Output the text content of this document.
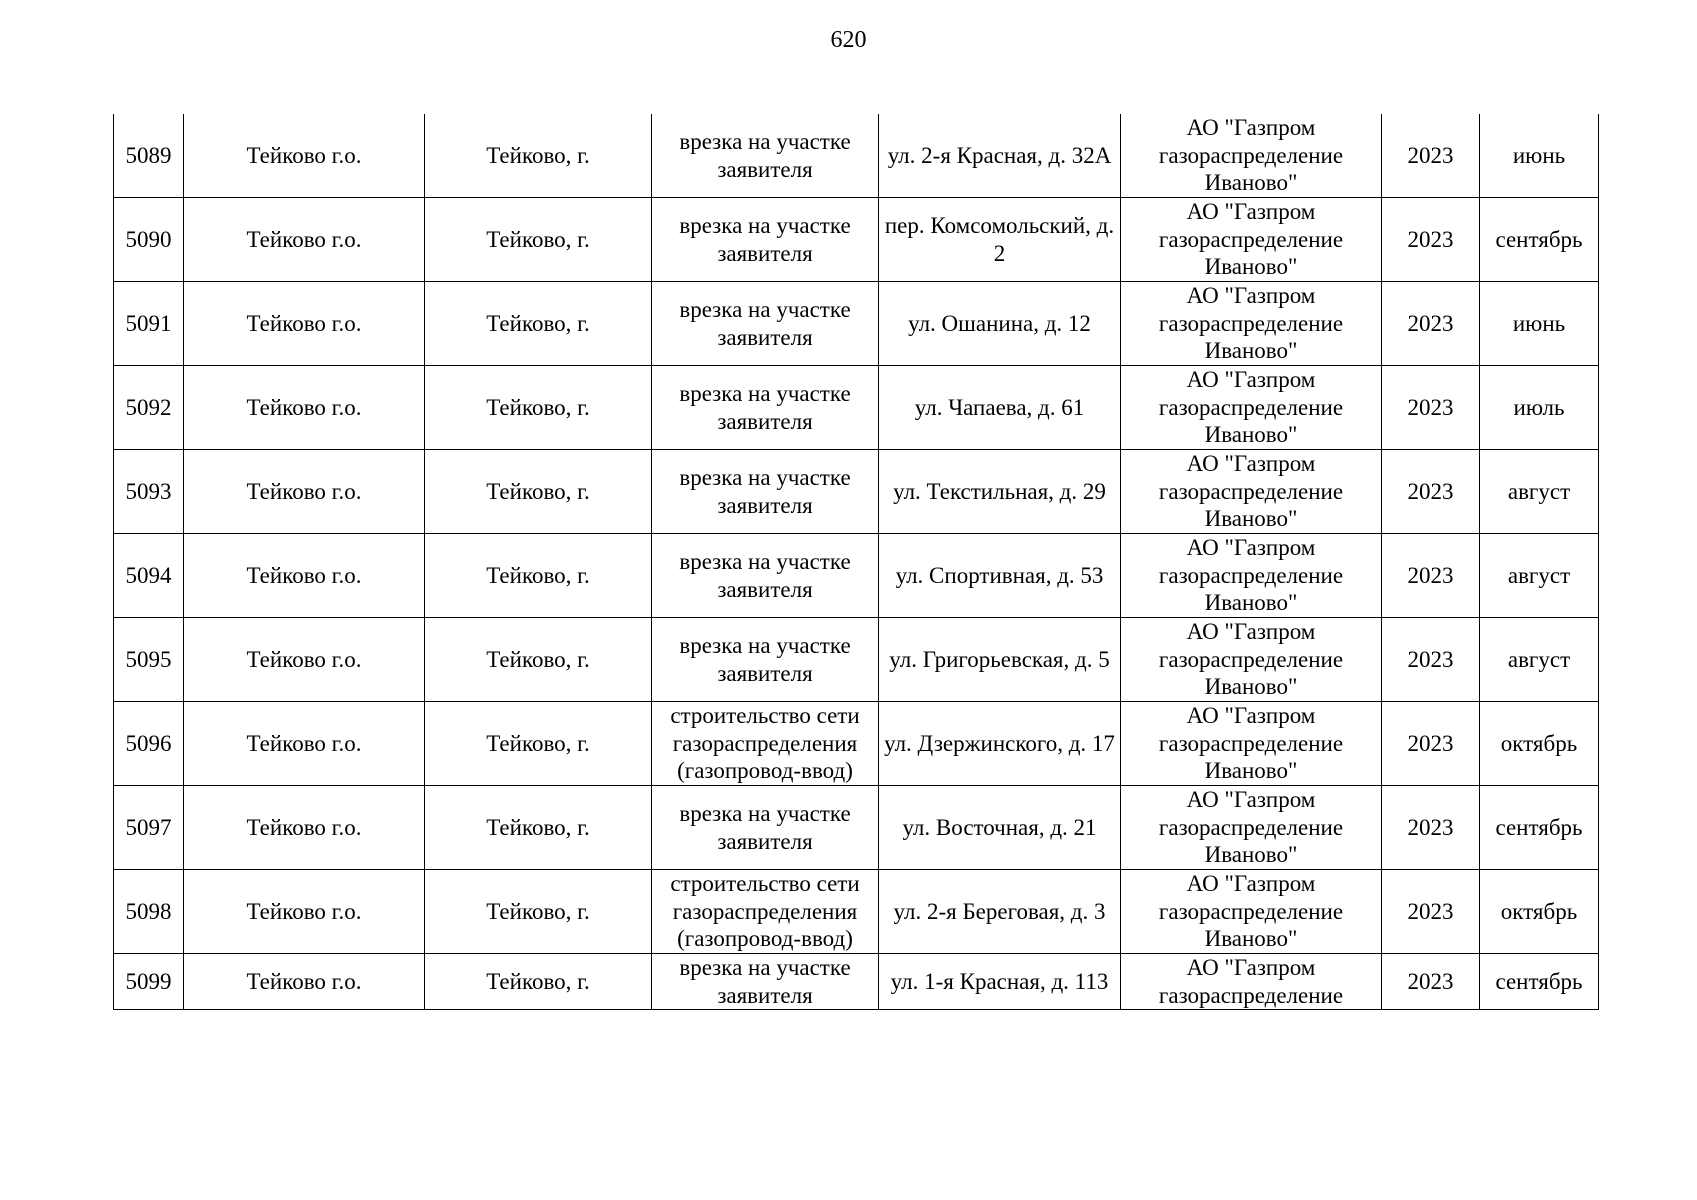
620
5089	Тейково г.о.	Тейково, г.	врезка на участке заявителя	ул. 2-я Красная, д. 32А	АО "Газпром газораспределение Иваново"	2023	июнь
5090	Тейково г.о.	Тейково, г.	врезка на участке заявителя	пер. Комсомольский, д. 2	АО "Газпром газораспределение Иваново"	2023	сентябрь
5091	Тейково г.о.	Тейково, г.	врезка на участке заявителя	ул. Ошанина, д. 12	АО "Газпром газораспределение Иваново"	2023	июнь
5092	Тейково г.о.	Тейково, г.	врезка на участке заявителя	ул. Чапаева, д. 61	АО "Газпром газораспределение Иваново"	2023	июль
5093	Тейково г.о.	Тейково, г.	врезка на участке заявителя	ул. Текстильная, д. 29	АО "Газпром газораспределение Иваново"	2023	август
5094	Тейково г.о.	Тейково, г.	врезка на участке заявителя	ул. Спортивная, д. 53	АО "Газпром газораспределение Иваново"	2023	август
5095	Тейково г.о.	Тейково, г.	врезка на участке заявителя	ул. Григорьевская, д. 5	АО "Газпром газораспределение Иваново"	2023	август
5096	Тейково г.о.	Тейково, г.	строительство сети газораспределения (газопровод-ввод)	ул. Дзержинского, д. 17	АО "Газпром газораспределение Иваново"	2023	октябрь
5097	Тейково г.о.	Тейково, г.	врезка на участке заявителя	ул. Восточная, д. 21	АО "Газпром газораспределение Иваново"	2023	сентябрь
5098	Тейково г.о.	Тейково, г.	строительство сети газораспределения (газопровод-ввод)	ул. 2-я Береговая, д. 3	АО "Газпром газораспределение Иваново"	2023	октябрь
5099	Тейково г.о.	Тейково, г.	врезка на участке заявителя	ул. 1-я Красная, д. 113	АО "Газпром газораспределение	2023	сентябрь
